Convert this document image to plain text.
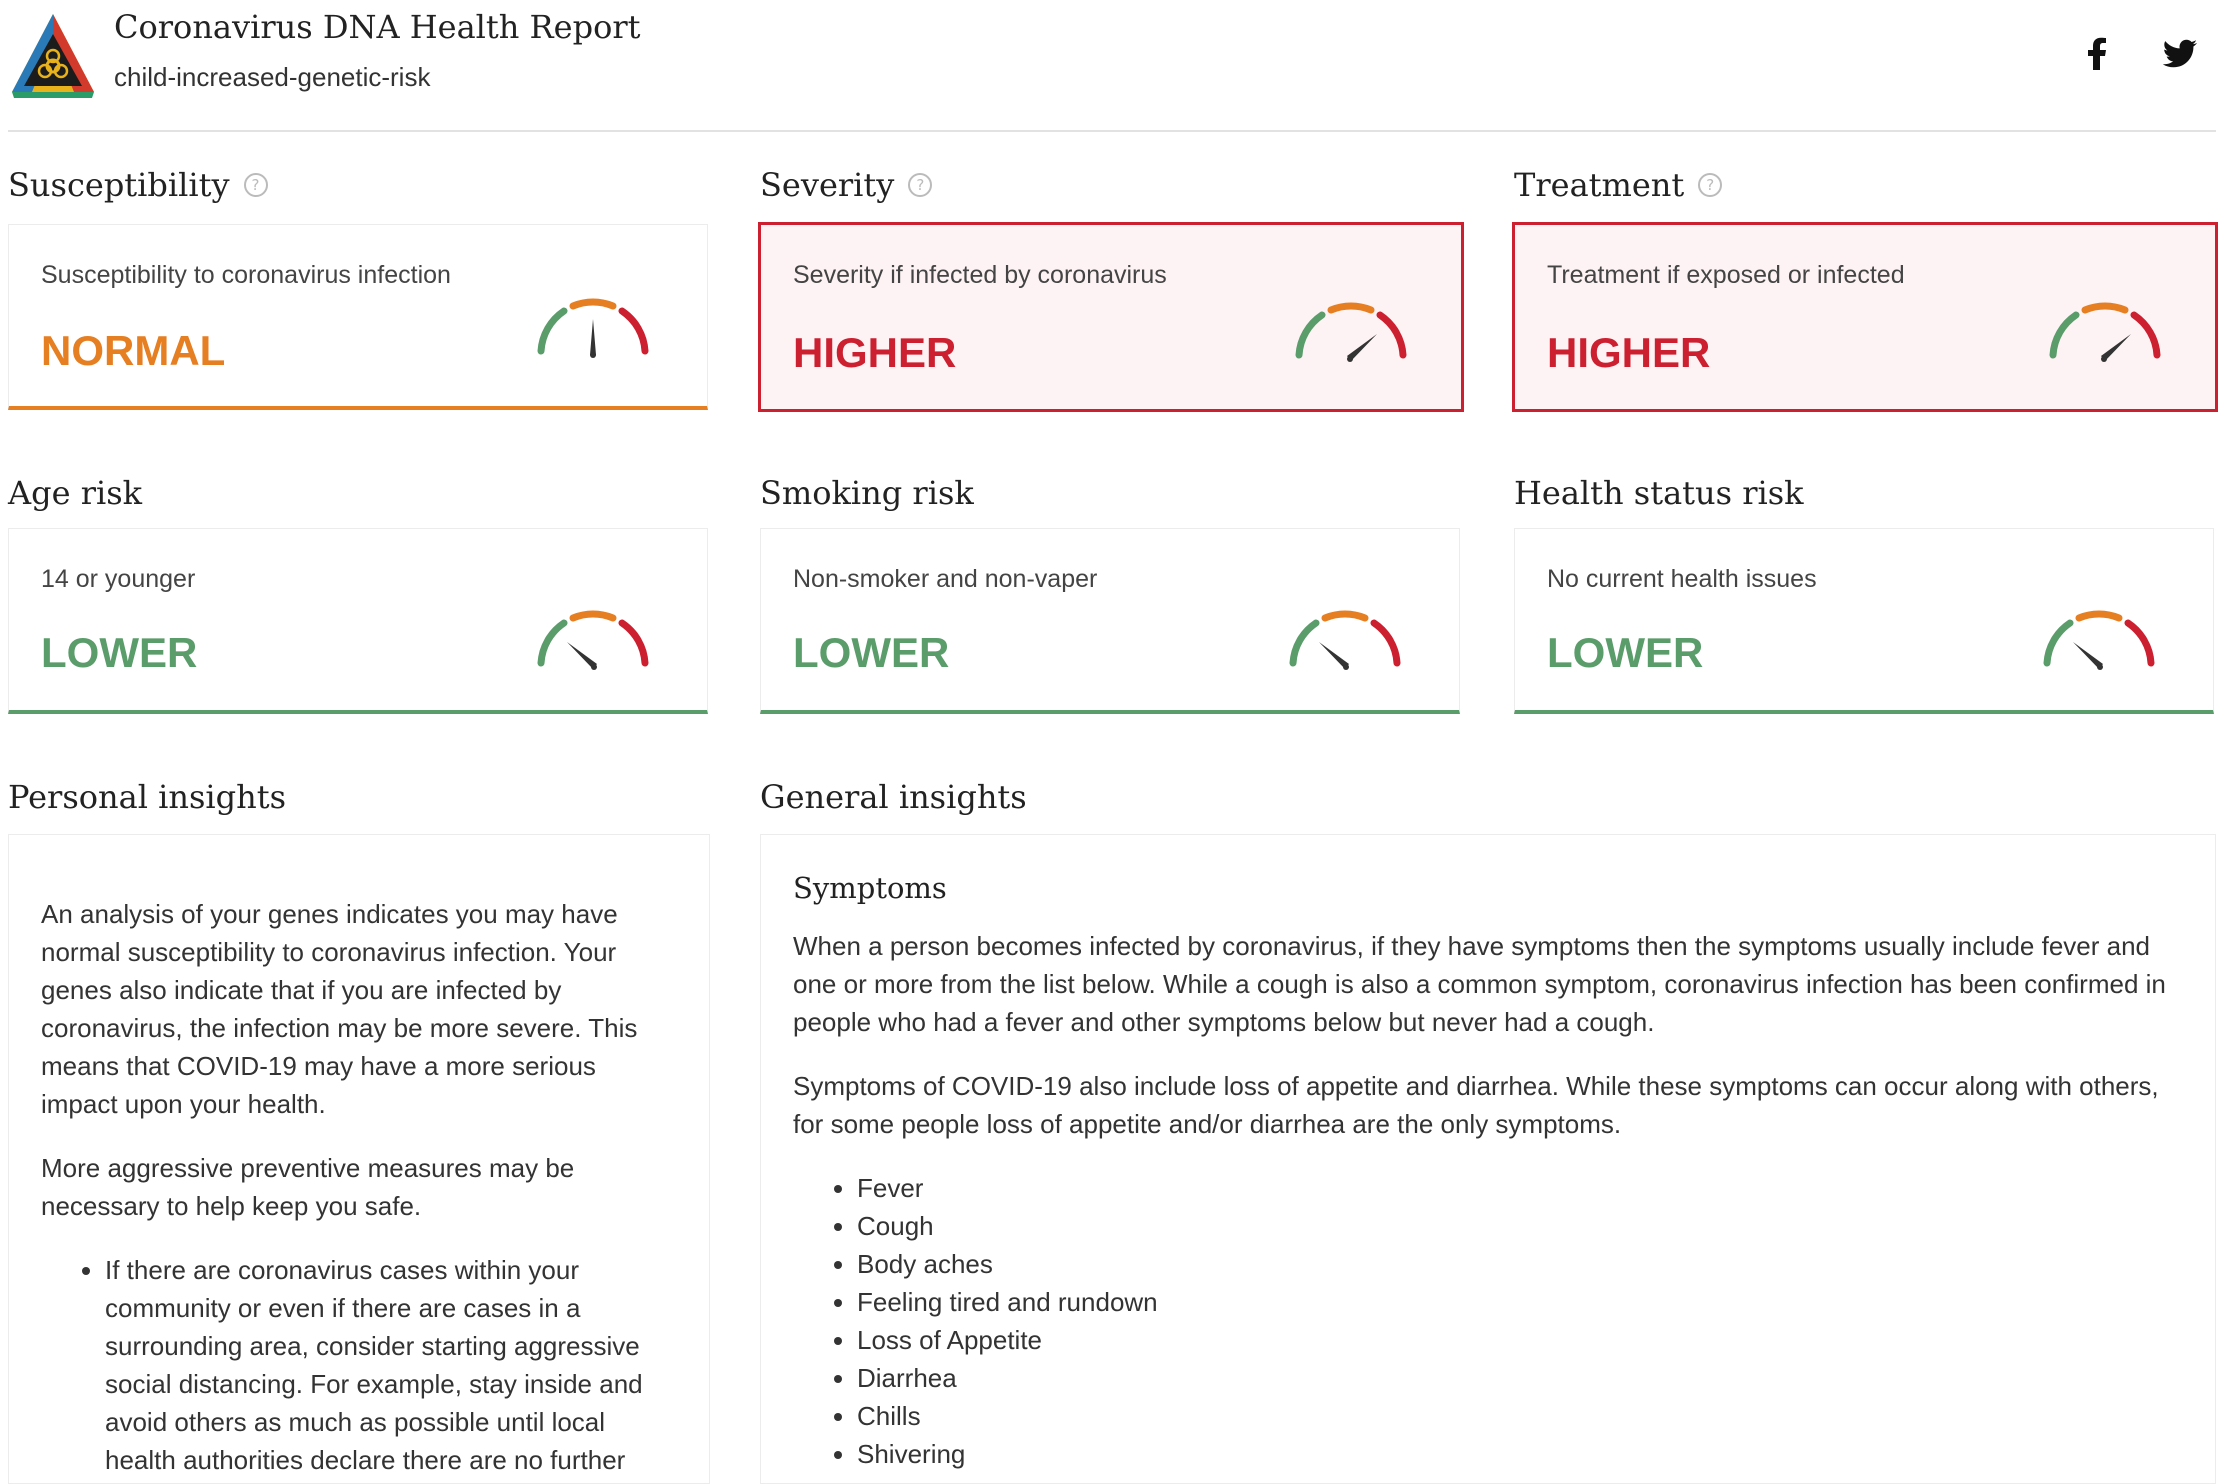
Coronavirus DNA Health Report
child-increased-genetic-risk
Susceptibility	?	Severity	?	Treatment	?
Susceptibility to coronavirus infection
NORMAL
Severity if infected by coronavirus
HIGHER
Treatment if exposed or infected
HIGHER
Age risk	Smoking risk	Health status risk
14 or younger
LOWER
Non-smoker and non-vaper
LOWER
No current health issues
LOWER
Personal insights	General insights

An analysis of your genes indicates you may have normal susceptibility to coronavirus infection. Your genes also indicate that if you are infected by coronavirus, the infection may be more severe. This means that COVID-19 may have a more serious impact upon your health.

More aggressive preventive measures may be necessary to help keep you safe.

• If there are coronavirus cases within your community or even if there are cases in a surrounding area, consider starting aggressive social distancing. For example, stay inside and avoid others as much as possible until local health authorities declare there are no further
Symptoms

When a person becomes infected by coronavirus, if they have symptoms then the symptoms usually include fever and one or more from the list below. While a cough is also a common symptom, coronavirus infection has been confirmed in people who had a fever and other symptoms below but never had a cough.

Symptoms of COVID-19 also include loss of appetite and diarrhea. While these symptoms can occur along with others, for some people loss of appetite and/or diarrhea are the only symptoms.

• Fever
• Cough
• Body aches
• Feeling tired and rundown
• Loss of Appetite
• Diarrhea
• Chills
• Shivering
